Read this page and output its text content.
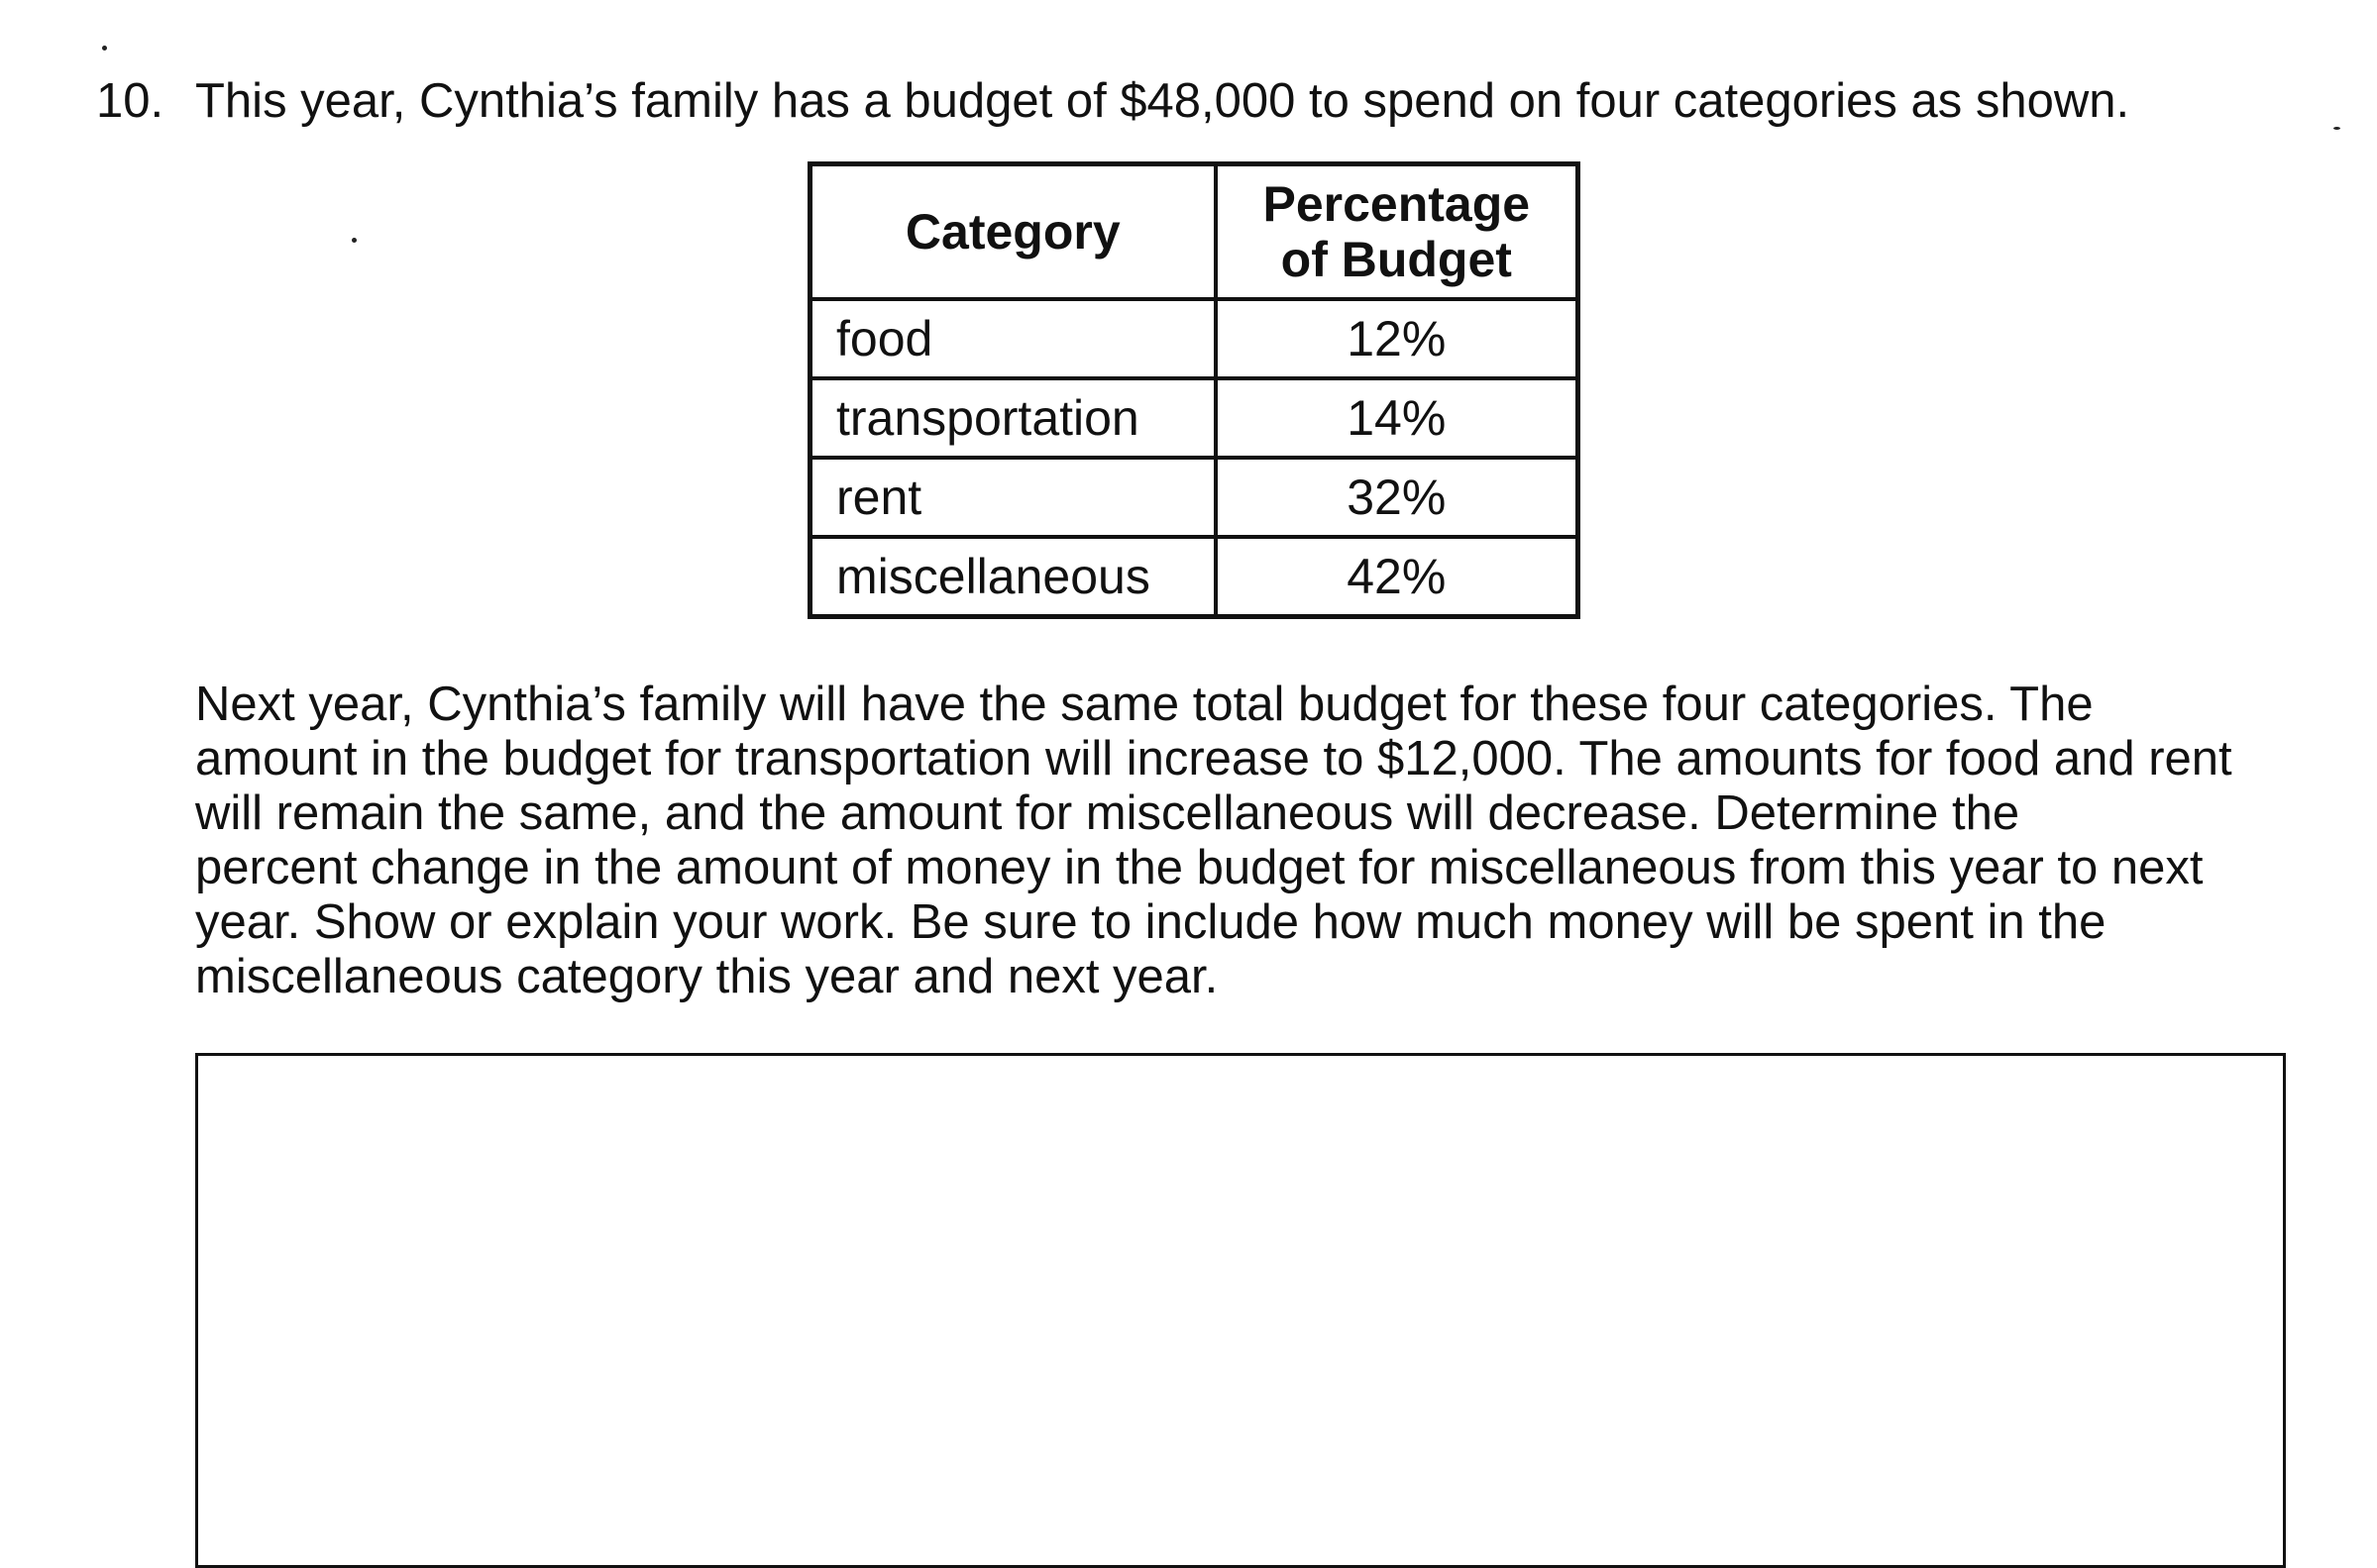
10. This year, Cynthia’s family has a budget of $48,000 to spend on four categories as shown.
Category	Percentage
of Budget
food	12%
transportation	14%
rent	32%
miscellaneous	42%

Next year, Cynthia’s family will have the same total budget for these four categories. The

amount in the budget for transportation will increase to $12,000. The amounts for food and rent

will remain the same, and the amount for miscellaneous will decrease. Determine the

percent change in the amount of money in the budget for miscellaneous from this year to next

year. Show or explain your work. Be sure to include how much money will be spent in the

miscellaneous category this year and next year.
